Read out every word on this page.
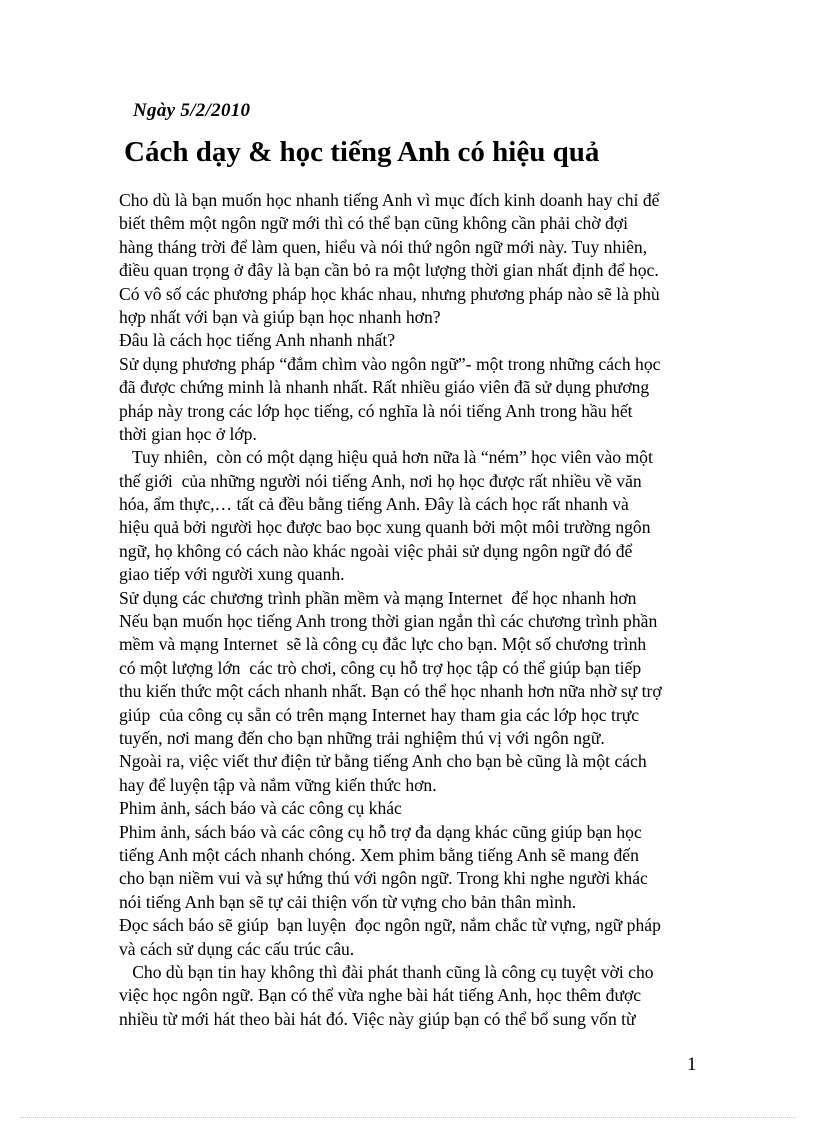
Ngày 5/2/2010
Cách dạy & học tiếng Anh có hiệu quả
Cho dù là bạn muốn học nhanh tiếng Anh vì mục đích kinh doanh hay chỉ để
biết thêm một ngôn ngữ mới thì có thể bạn cũng không cần phải chờ đợi
hàng tháng trời để làm quen, hiểu và nói thứ ngôn ngữ mới này. Tuy nhiên,
điều quan trọng ở đây là bạn cần bỏ ra một lượng thời gian nhất định để học.
Có vô số các phương pháp học khác nhau, nhưng phương pháp nào sẽ là phù
hợp nhất với bạn và giúp bạn học nhanh hơn?
Đâu là cách học tiếng Anh nhanh nhất?
Sử dụng phương pháp “đắm chìm vào ngôn ngữ”- một trong những cách học
đã được chứng minh là nhanh nhất. Rất nhiều giáo viên đã sử dụng phương
pháp này trong các lớp học tiếng, có nghĩa là nói tiếng Anh trong hầu hết
thời gian học ở lớp.
Tuy nhiên,  còn có một dạng hiệu quả hơn nữa là “ném” học viên vào một
thế giới  của những người nói tiếng Anh, nơi họ học được rất nhiều về văn
hóa, ẩm thực,… tất cả đều bằng tiếng Anh. Đây là cách học rất nhanh và
hiệu quả bởi người học được bao bọc xung quanh bởi một môi trường ngôn
ngữ, họ không có cách nào khác ngoài việc phải sử dụng ngôn ngữ đó để
giao tiếp với người xung quanh.
Sử dụng các chương trình phần mềm và mạng Internet  để học nhanh hơn
Nếu bạn muốn học tiếng Anh trong thời gian ngắn thì các chương trình phần
mềm và mạng Internet  sẽ là công cụ đắc lực cho bạn. Một số chương trình
có một lượng lớn  các trò chơi, công cụ hỗ trợ học tập có thể giúp bạn tiếp
thu kiến thức một cách nhanh nhất. Bạn có thể học nhanh hơn nữa nhờ sự trợ
giúp  của công cụ sẵn có trên mạng Internet hay tham gia các lớp học trực
tuyến, nơi mang đến cho bạn những trải nghiệm thú vị với ngôn ngữ.
Ngoài ra, việc viết thư điện tử bằng tiếng Anh cho bạn bè cũng là một cách
hay để luyện tập và nắm vững kiến thức hơn.
Phim ảnh, sách báo và các công cụ khác
Phim ảnh, sách báo và các công cụ hỗ trợ đa dạng khác cũng giúp bạn học
tiếng Anh một cách nhanh chóng. Xem phim bằng tiếng Anh sẽ mang đến
cho bạn niềm vui và sự hứng thú với ngôn ngữ. Trong khi nghe người khác
nói tiếng Anh bạn sẽ tự cải thiện vốn từ vựng cho bản thân mình.
Đọc sách báo sẽ giúp  bạn luyện  đọc ngôn ngữ, nắm chắc từ vựng, ngữ pháp
và cách sử dụng các cấu trúc câu.
Cho dù bạn tin hay không thì đài phát thanh cũng là công cụ tuyệt vời cho
việc học ngôn ngữ. Bạn có thể vừa nghe bài hát tiếng Anh, học thêm được
nhiều từ mới hát theo bài hát đó. Việc này giúp bạn có thể bổ sung vốn từ
1
